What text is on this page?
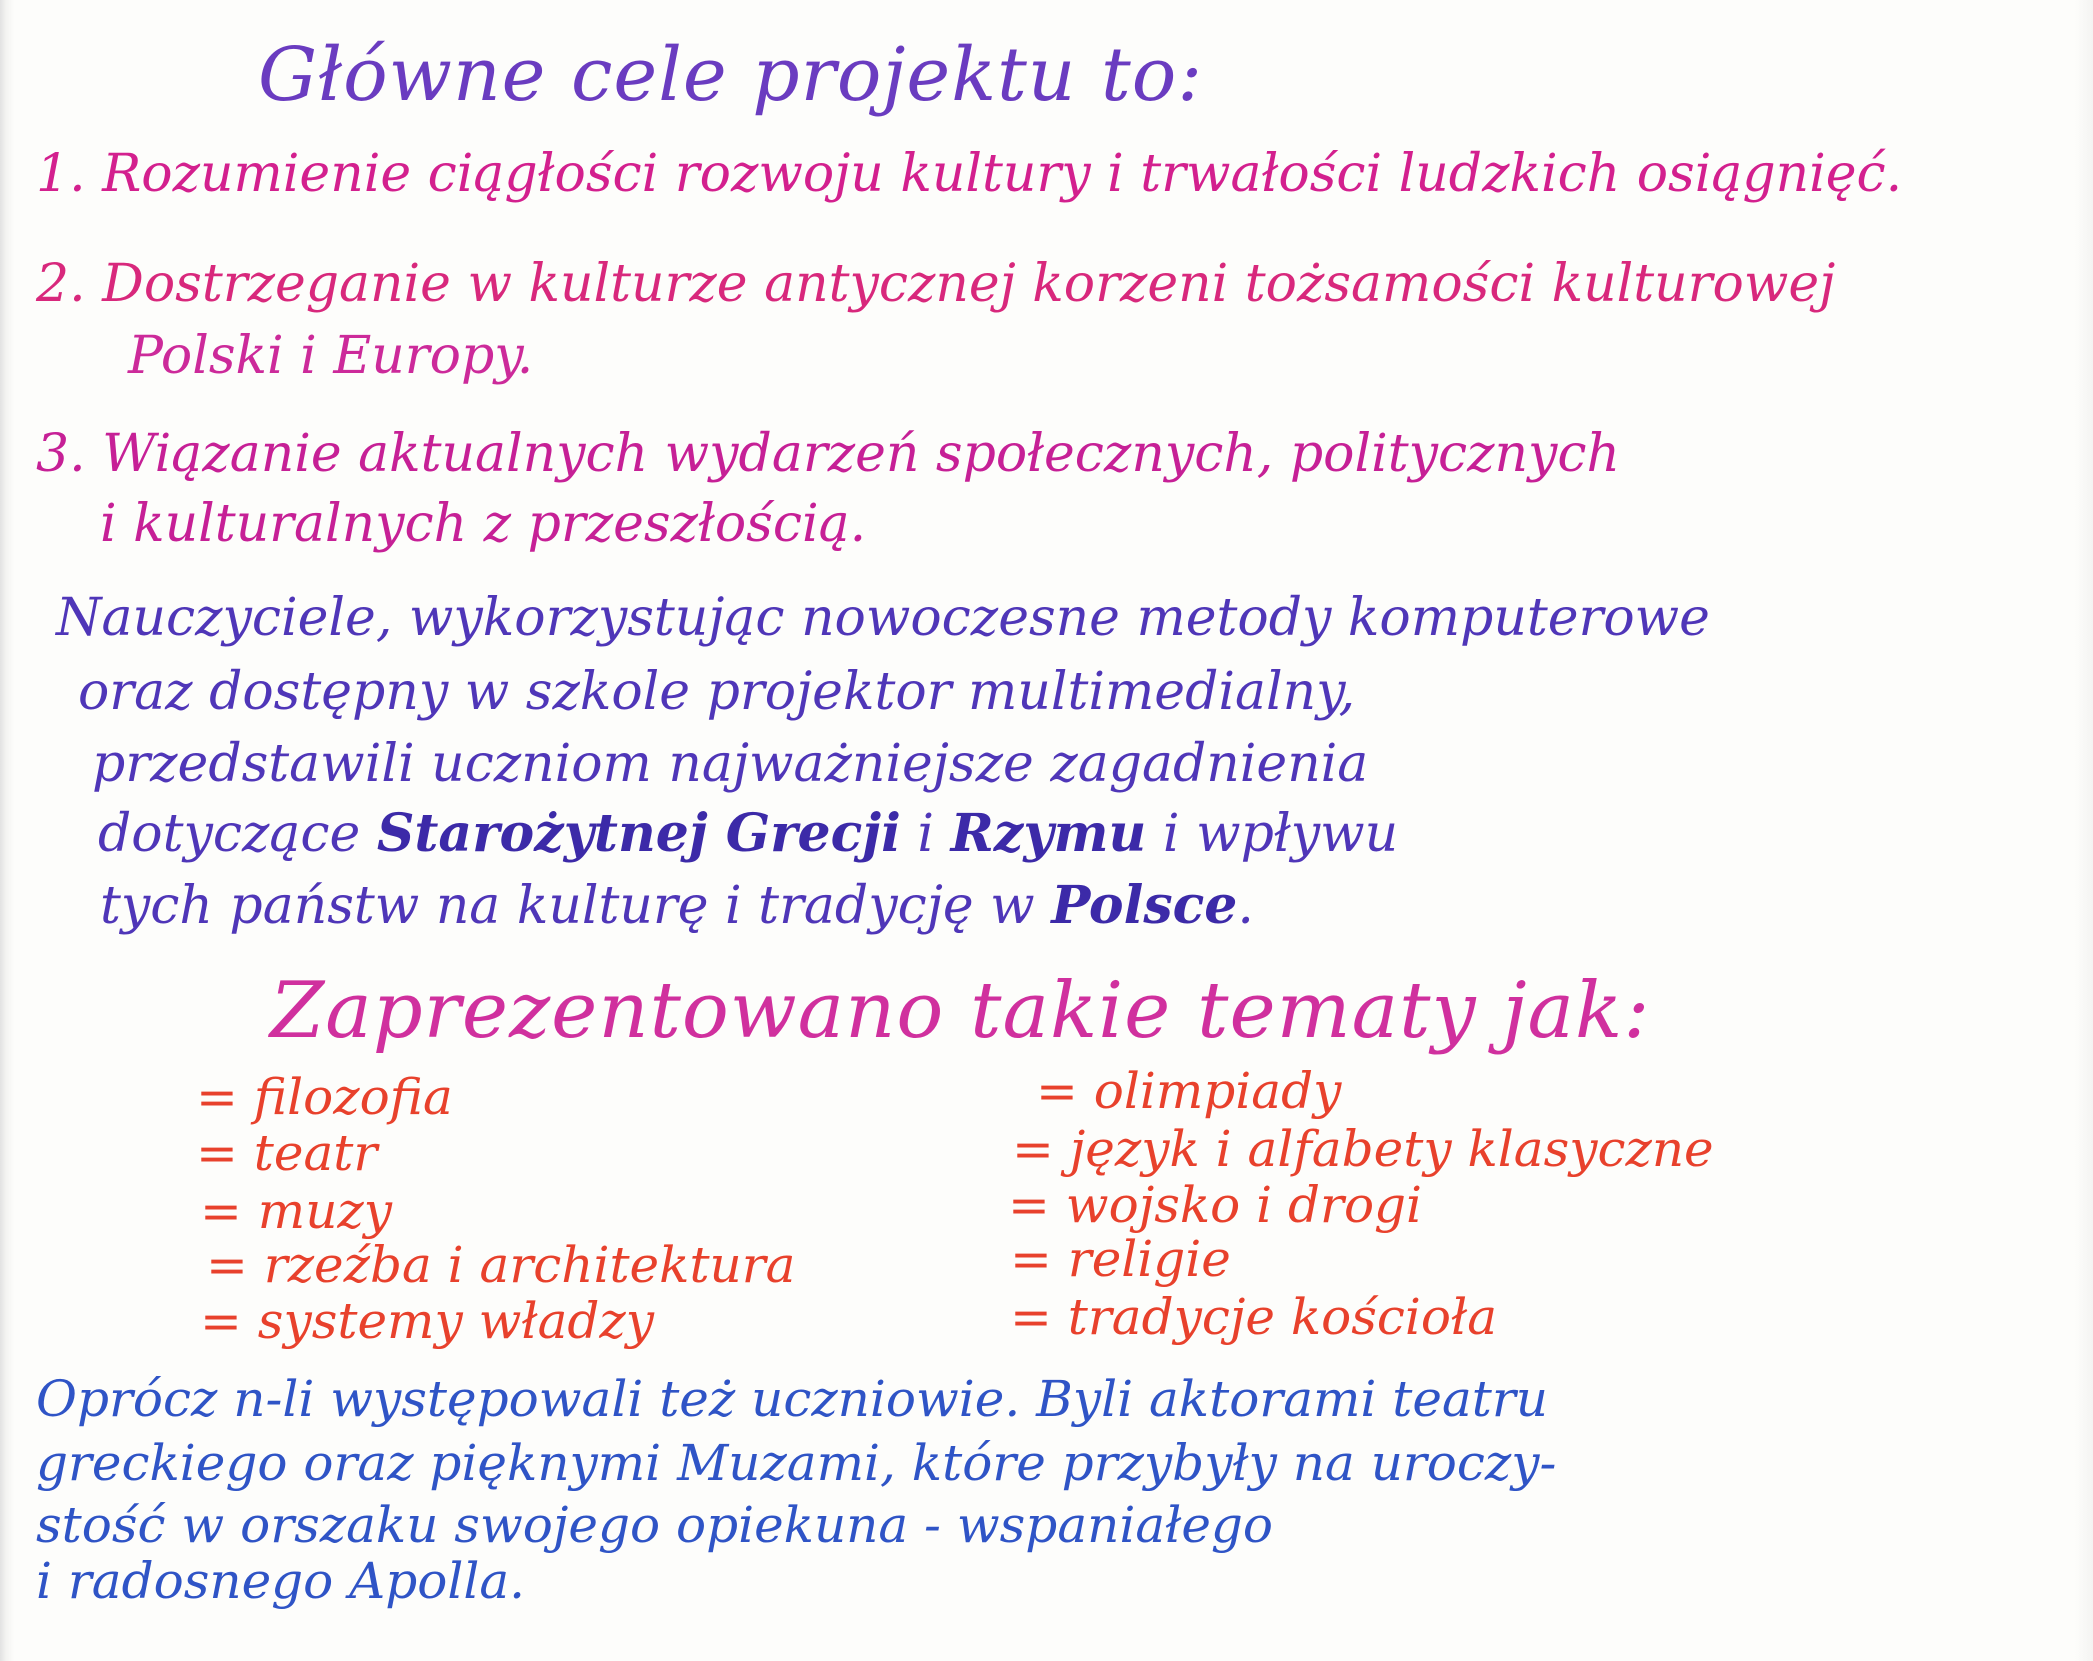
Główne cele projektu to:
1. Rozumienie ciągłości rozwoju kultury i trwałości ludzkich osiągnięć.
2. Dostrzeganie w kulturze antycznej korzeni tożsamości kulturowej
Polski i Europy.
3. Wiązanie aktualnych wydarzeń społecznych, politycznych
i kulturalnych z przeszłością.
Nauczyciele, wykorzystując nowoczesne metody komputerowe
oraz dostępny w szkole projektor multimedialny,
przedstawili uczniom najważniejsze zagadnienia
dotyczące Starożytnej Grecji i Rzymu i wpływu
tych państw na kulturę i tradycję w Polsce.
Zaprezentowano takie tematy jak:
= filozofia
= teatr
= muzy
= rzeźba i architektura
= systemy władzy
= olimpiady
= język i alfabety klasyczne
= wojsko i drogi
= religie
= tradycje kościoła
Oprócz n-li występowali też uczniowie. Byli aktorami teatru
greckiego oraz pięknymi Muzami, które przybyły na uroczy-
stość w orszaku swojego opiekuna - wspaniałego
i radosnego Apolla.
